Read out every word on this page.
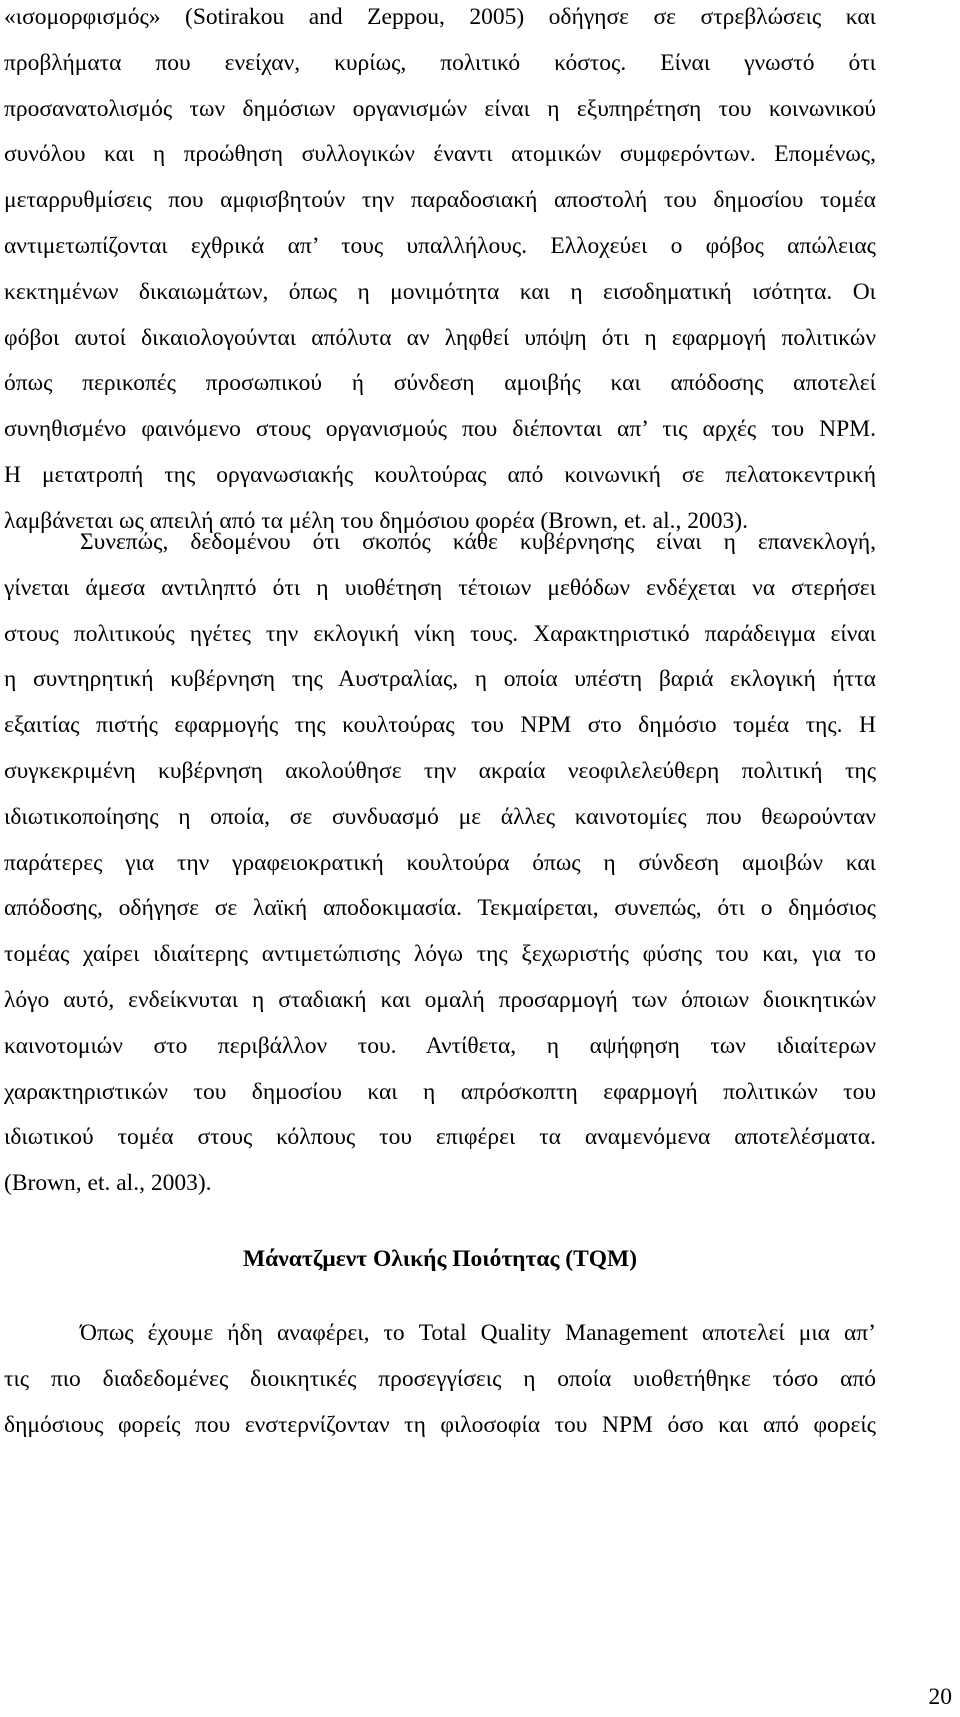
«ισομορφισμός» (Sotirakou and Zeppou, 2005) οδήγησε σε στρεβλώσεις και
προβλήματα που ενείχαν, κυρίως, πολιτικό κόστος. Είναι γνωστό ότι
προσανατολισμός των δημόσιων οργανισμών είναι η εξυπηρέτηση του κοινωνικού
συνόλου και η προώθηση συλλογικών έναντι ατομικών συμφερόντων. Επομένως,
μεταρρυθμίσεις που αμφισβητούν την παραδοσιακή αποστολή του δημοσίου τομέα
αντιμετωπίζονται εχθρικά απ’ τους υπαλλήλους. Ελλοχεύει ο φόβος απώλειας
κεκτημένων δικαιωμάτων, όπως η μονιμότητα και η εισοδηματική ισότητα. Οι
φόβοι αυτοί δικαιολογούνται απόλυτα αν ληφθεί υπόψη ότι η εφαρμογή πολιτικών
όπως περικοπές προσωπικού ή σύνδεση αμοιβής και απόδοσης αποτελεί
συνηθισμένο φαινόμενο στους οργανισμούς που διέπονται απ’ τις αρχές του NPM.
Η μετατροπή της οργανωσιακής κουλτούρας από κοινωνική σε πελατοκεντρική
λαμβάνεται ως απειλή από τα μέλη του δημόσιου φορέα (Brown, et. al., 2003).
Συνεπώς, δεδομένου ότι σκοπός κάθε κυβέρνησης είναι η επανεκλογή,
γίνεται άμεσα αντιληπτό ότι η υιοθέτηση τέτοιων μεθόδων ενδέχεται να στερήσει
στους πολιτικούς ηγέτες την εκλογική νίκη τους. Χαρακτηριστικό παράδειγμα είναι
η συντηρητική κυβέρνηση της Αυστραλίας, η οποία υπέστη βαριά εκλογική ήττα
εξαιτίας πιστής εφαρμογής της κουλτούρας του NPM στο δημόσιο τομέα της. Η
συγκεκριμένη κυβέρνηση ακολούθησε την ακραία νεοφιλελεύθερη πολιτική της
ιδιωτικοποίησης η οποία, σε συνδυασμό με άλλες καινοτομίες που θεωρούνταν
παράτερες για την γραφειοκρατική κουλτούρα όπως η σύνδεση αμοιβών και
απόδοσης, οδήγησε σε λαϊκή αποδοκιμασία. Τεκμαίρεται, συνεπώς, ότι ο δημόσιος
τομέας χαίρει ιδιαίτερης αντιμετώπισης λόγω της ξεχωριστής φύσης του και, για το
λόγο αυτό, ενδείκνυται η σταδιακή και ομαλή προσαρμογή των όποιων διοικητικών
καινοτομιών στο περιβάλλον του. Αντίθετα, η αψήφηση των ιδιαίτερων
χαρακτηριστικών του δημοσίου και η απρόσκοπτη εφαρμογή πολιτικών του
ιδιωτικού τομέα στους κόλπους του επιφέρει τα αναμενόμενα αποτελέσματα.
(Brown, et. al., 2003).
Μάνατζμεντ Ολικής Ποιότητας (TQM)
Όπως έχουμε ήδη αναφέρει, το Total Quality Management αποτελεί μια απ’
τις πιο διαδεδομένες διοικητικές προσεγγίσεις η οποία υιοθετήθηκε τόσο από
δημόσιους φορείς που ενστερνίζονταν τη φιλοσοφία του NPM όσο και από φορείς

20
